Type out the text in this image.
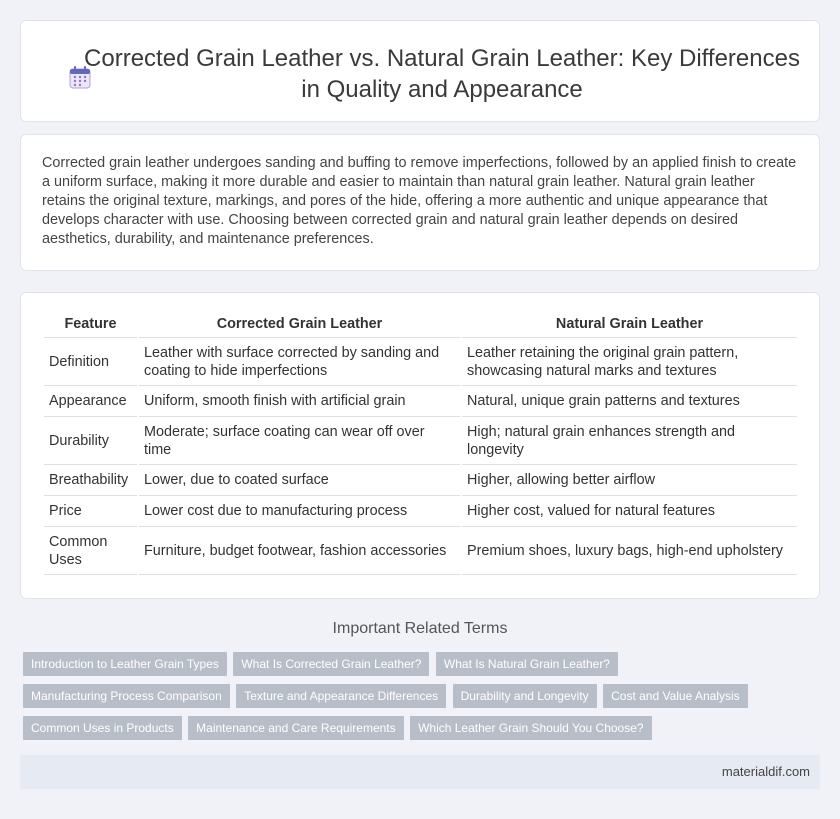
Corrected Grain Leather vs. Natural Grain Leather: Key Differences in Quality and Appearance

Corrected grain leather undergoes sanding and buffing to remove imperfections, followed by an applied finish to create a uniform surface, making it more durable and easier to maintain than natural grain leather. Natural grain leather retains the original texture, markings, and pores of the hide, offering a more authentic and unique appearance that develops character with use. Choosing between corrected grain and natural grain leather depends on desired aesthetics, durability, and maintenance preferences.

Feature	Corrected Grain Leather	Natural Grain Leather
Definition	Leather with surface corrected by sanding and coating to hide imperfections	Leather retaining the original grain pattern, showcasing natural marks and textures
Appearance	Uniform, smooth finish with artificial grain	Natural, unique grain patterns and textures
Durability	Moderate; surface coating can wear off over time	High; natural grain enhances strength and longevity
Breathability	Lower, due to coated surface	Higher, allowing better airflow
Price	Lower cost due to manufacturing process	Higher cost, valued for natural features
Common Uses	Furniture, budget footwear, fashion accessories	Premium shoes, luxury bags, high-end upholstery
Important Related Terms
Introduction to Leather Grain Types What Is Corrected Grain Leather? What Is Natural Grain Leather? Manufacturing Process Comparison Texture and Appearance Differences Durability and Longevity Cost and Value Analysis Common Uses in Products Maintenance and Care Requirements Which Leather Grain Should You Choose?
materialdif.com
